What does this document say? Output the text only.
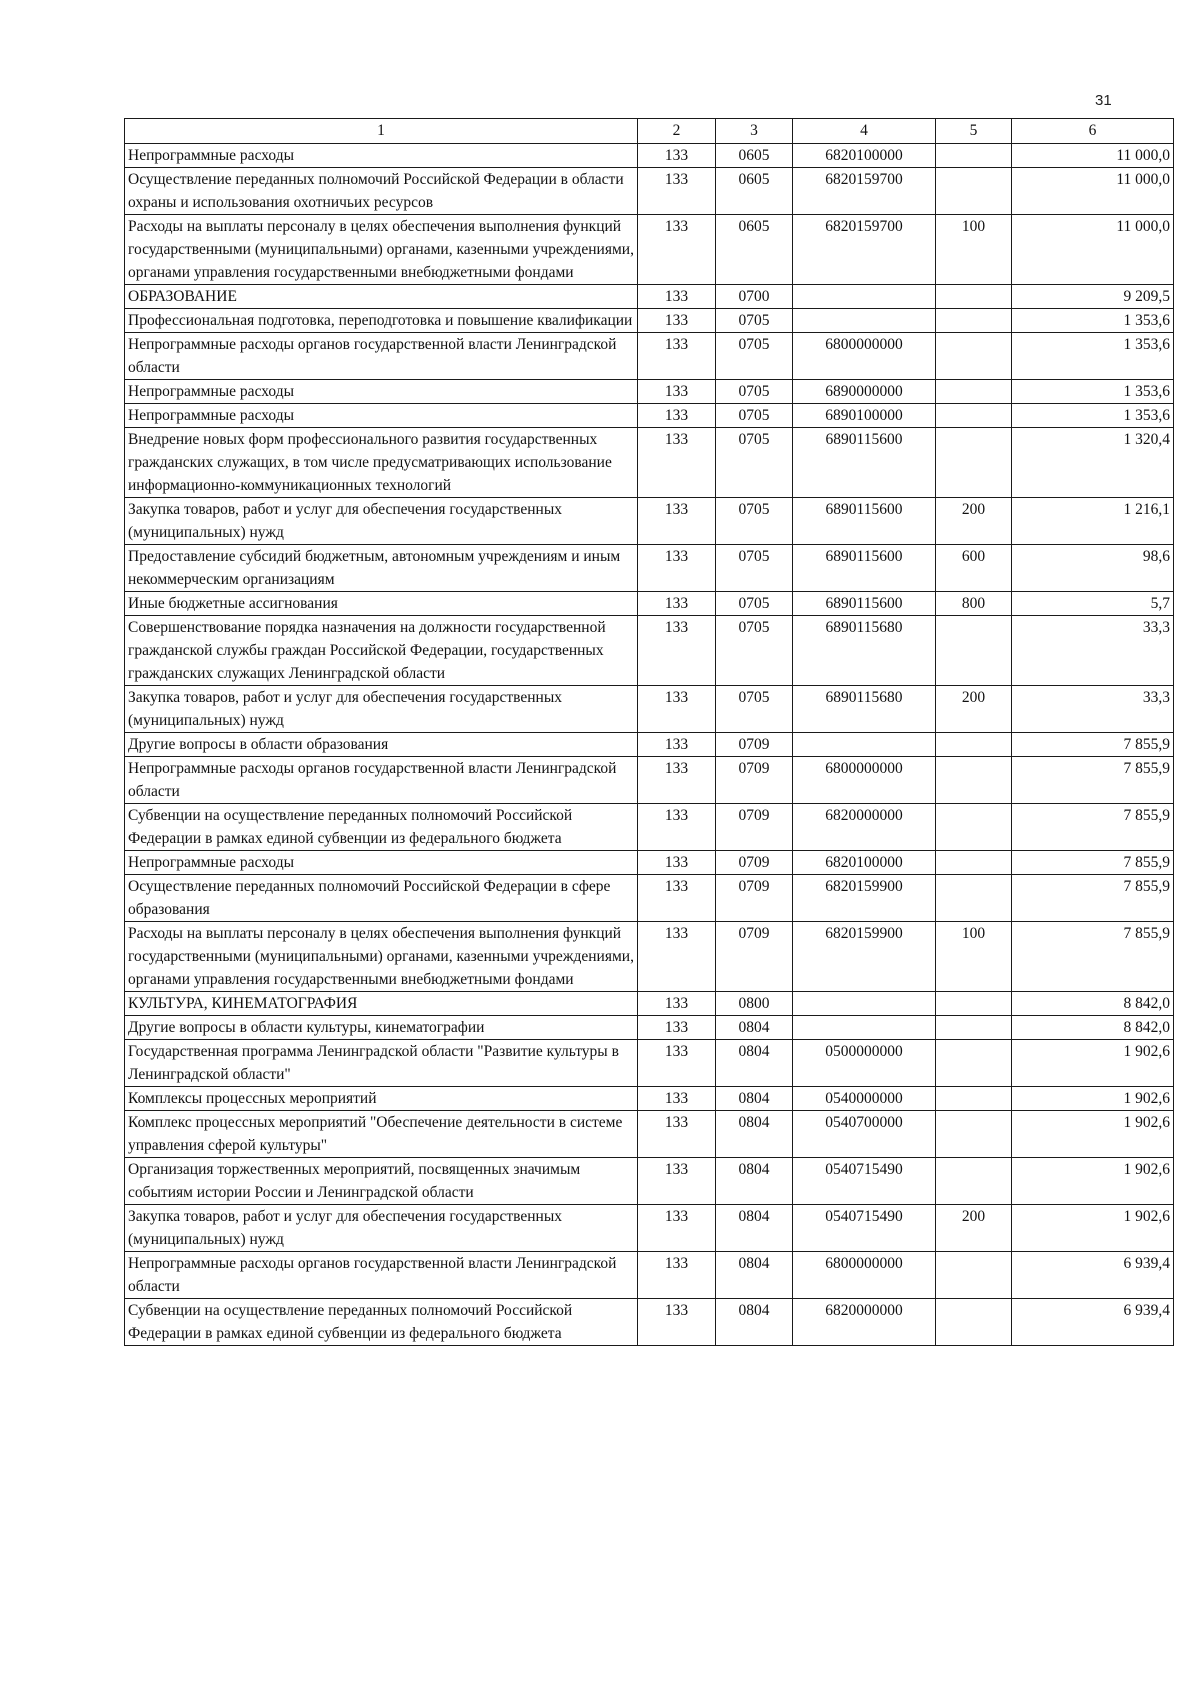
31
1	2	3	4	5	6
Непрограммные расходы	133	0605	6820100000		11 000,0
Осуществление переданных полномочий Российской Федерации в области охраны и использования охотничьих ресурсов	133	0605	6820159700		11 000,0
Расходы на выплаты персоналу в целях обеспечения выполнения функций государственными (муниципальными) органами, казенными учреждениями, органами управления государственными внебюджетными фондами	133	0605	6820159700	100	11 000,0
ОБРАЗОВАНИЕ	133	0700			9 209,5
Профессиональная подготовка, переподготовка и повышение квалификации	133	0705			1 353,6
Непрограммные расходы органов государственной власти Ленинградской области	133	0705	6800000000		1 353,6
Непрограммные расходы	133	0705	6890000000		1 353,6
Непрограммные расходы	133	0705	6890100000		1 353,6
Внедрение новых форм профессионального развития государственных гражданских служащих, в том числе предусматривающих использование информационно-коммуникационных технологий	133	0705	6890115600		1 320,4
Закупка товаров, работ и услуг для обеспечения государственных (муниципальных) нужд	133	0705	6890115600	200	1 216,1
Предоставление субсидий бюджетным, автономным учреждениям и иным некоммерческим организациям	133	0705	6890115600	600	98,6
Иные бюджетные ассигнования	133	0705	6890115600	800	5,7
Совершенствование порядка назначения на должности государственной гражданской службы граждан Российской Федерации, государственных гражданских служащих Ленинградской области	133	0705	6890115680		33,3
Закупка товаров, работ и услуг для обеспечения государственных (муниципальных) нужд	133	0705	6890115680	200	33,3
Другие вопросы в области образования	133	0709			7 855,9
Непрограммные расходы органов государственной власти Ленинградской области	133	0709	6800000000		7 855,9
Субвенции на осуществление переданных полномочий Российской Федерации в рамках единой субвенции из федерального бюджета	133	0709	6820000000		7 855,9
Непрограммные расходы	133	0709	6820100000		7 855,9
Осуществление переданных полномочий Российской Федерации в сфере образования	133	0709	6820159900		7 855,9
Расходы на выплаты персоналу в целях обеспечения выполнения функций государственными (муниципальными) органами, казенными учреждениями, органами управления государственными внебюджетными фондами	133	0709	6820159900	100	7 855,9
КУЛЬТУРА, КИНЕМАТОГРАФИЯ	133	0800			8 842,0
Другие вопросы в области культуры, кинематографии	133	0804			8 842,0
Государственная программа Ленинградской области "Развитие культуры в Ленинградской области"	133	0804	0500000000		1 902,6
Комплексы процессных мероприятий	133	0804	0540000000		1 902,6
Комплекс процессных мероприятий "Обеспечение деятельности в системе управления сферой культуры"	133	0804	0540700000		1 902,6
Организация торжественных мероприятий, посвященных значимым событиям истории России и Ленинградской области	133	0804	0540715490		1 902,6
Закупка товаров, работ и услуг для обеспечения государственных (муниципальных) нужд	133	0804	0540715490	200	1 902,6
Непрограммные расходы органов государственной власти Ленинградской области	133	0804	6800000000		6 939,4
Субвенции на осуществление переданных полномочий Российской Федерации в рамках единой субвенции из федерального бюджета	133	0804	6820000000		6 939,4
